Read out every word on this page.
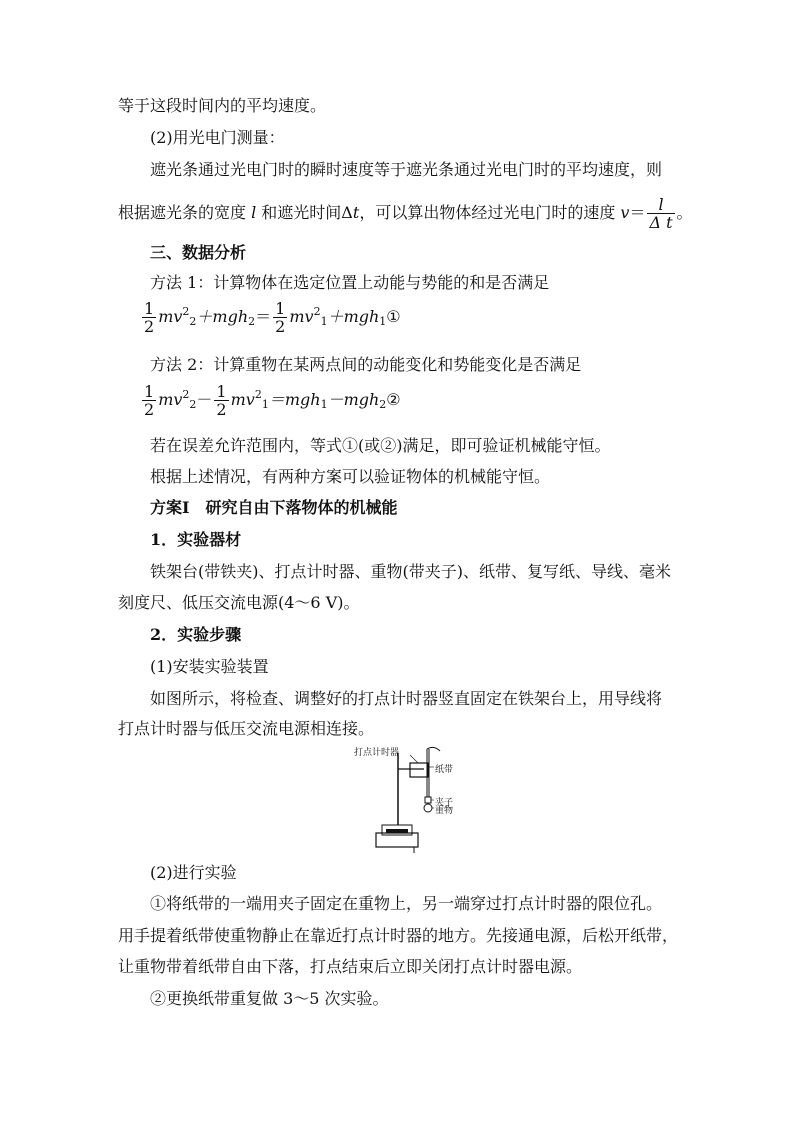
等于这段时间内的平均速度。
(2)用光电门测量：
遮光条通过光电门时的瞬时速度等于遮光条通过光电门时的平均速度，则
根据遮光条的宽度 l 和遮光时间Δt，可以算出物体经过光电门时的速度 $v= \frac{l}{\text{Δ t}}$ 。
三、数据分析
方法 1：计算物体在选定位置上动能与势能的和是否满足
$\frac{1}{2} mv^2_2+mgh_2= \frac{1}{2}$ $mv^2_1+mgh_1①$
方法 2：计算重物在某两点间的动能变化和势能变化是否满足
$\frac{1}{2} mv^2_2- \frac{1}{2}$ $mv^2_1=mgh_1-mgh_2②$
若在误差允许范围内，等式①(或②)满足，即可验证机械能守恒。
根据上述情况，有两种方案可以验证物体的机械能守恒。
方案Ⅰ　研究自由下落物体的机械能
1．实验器材
铁架台(带铁夹)、打点计时器、重物(带夹子)、纸带、复写纸、导线、毫米
刻度尺、低压交流电源(4～6 V)。
2．实验步骤
(1)安装实验装置
如图所示，将检查、调整好的打点计时器竖直固定在铁架台上，用导线将
打点计时器与低压交流电源相连接。
打点计时器
纸带
夹子
重物
(2)进行实验
①将纸带的一端用夹子固定在重物上，另一端穿过打点计时器的限位孔。
用手提着纸带使重物静止在靠近打点计时器的地方。先接通电源，后松开纸带，
让重物带着纸带自由下落，打点结束后立即关闭打点计时器电源。
②更换纸带重复做 3～5 次实验。
